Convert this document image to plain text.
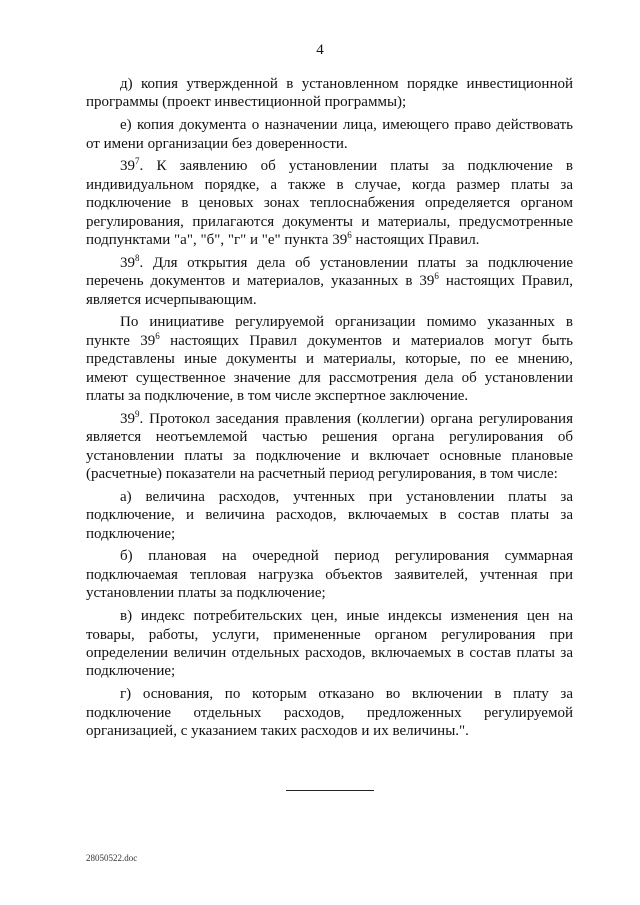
4

д) копия утвержденной в установленном порядке инвестиционной программы (проект инвестиционной программы);

е) копия документа о назначении лица, имеющего право действовать от имени организации без доверенности.

$39^7$. К заявлению об установлении платы за подключение в индивидуальном порядке, а также в случае, когда размер платы за подключение в ценовых зонах теплоснабжения определяется органом регулирования, прилагаются документы и материалы, предусмотренные подпунктами "а", "б", "г" и "е" пункта $39^6$ настоящих Правил.

$39^8$. Для открытия дела об установлении платы за подключение перечень документов и материалов, указанных в $39^6$ настоящих Правил, является исчерпывающим.

По инициативе регулируемой организации помимо указанных в пункте $39^6$ настоящих Правил документов и материалов могут быть представлены иные документы и материалы, которые, по ее мнению, имеют существенное значение для рассмотрения дела об установлении платы за подключение, в том числе экспертное заключение.

$39^9$. Протокол заседания правления (коллегии) органа регулирования является неотъемлемой частью решения органа регулирования об установлении платы за подключение и включает основные плановые (расчетные) показатели на расчетный период регулирования, в том числе:

а) величина расходов, учтенных при установлении платы за подключение, и величина расходов, включаемых в состав платы за подключение;

б) плановая на очередной период регулирования суммарная подключаемая тепловая нагрузка объектов заявителей, учтенная при установлении платы за подключение;

в) индекс потребительских цен, иные индексы изменения цен на товары, работы, услуги, примененные органом регулирования при определении величин отдельных расходов, включаемых в состав платы за подключение;

г) основания, по которым отказано во включении в плату за подключение отдельных расходов, предложенных регулируемой организацией, с указанием таких расходов и их величины.".

28050522.doc
